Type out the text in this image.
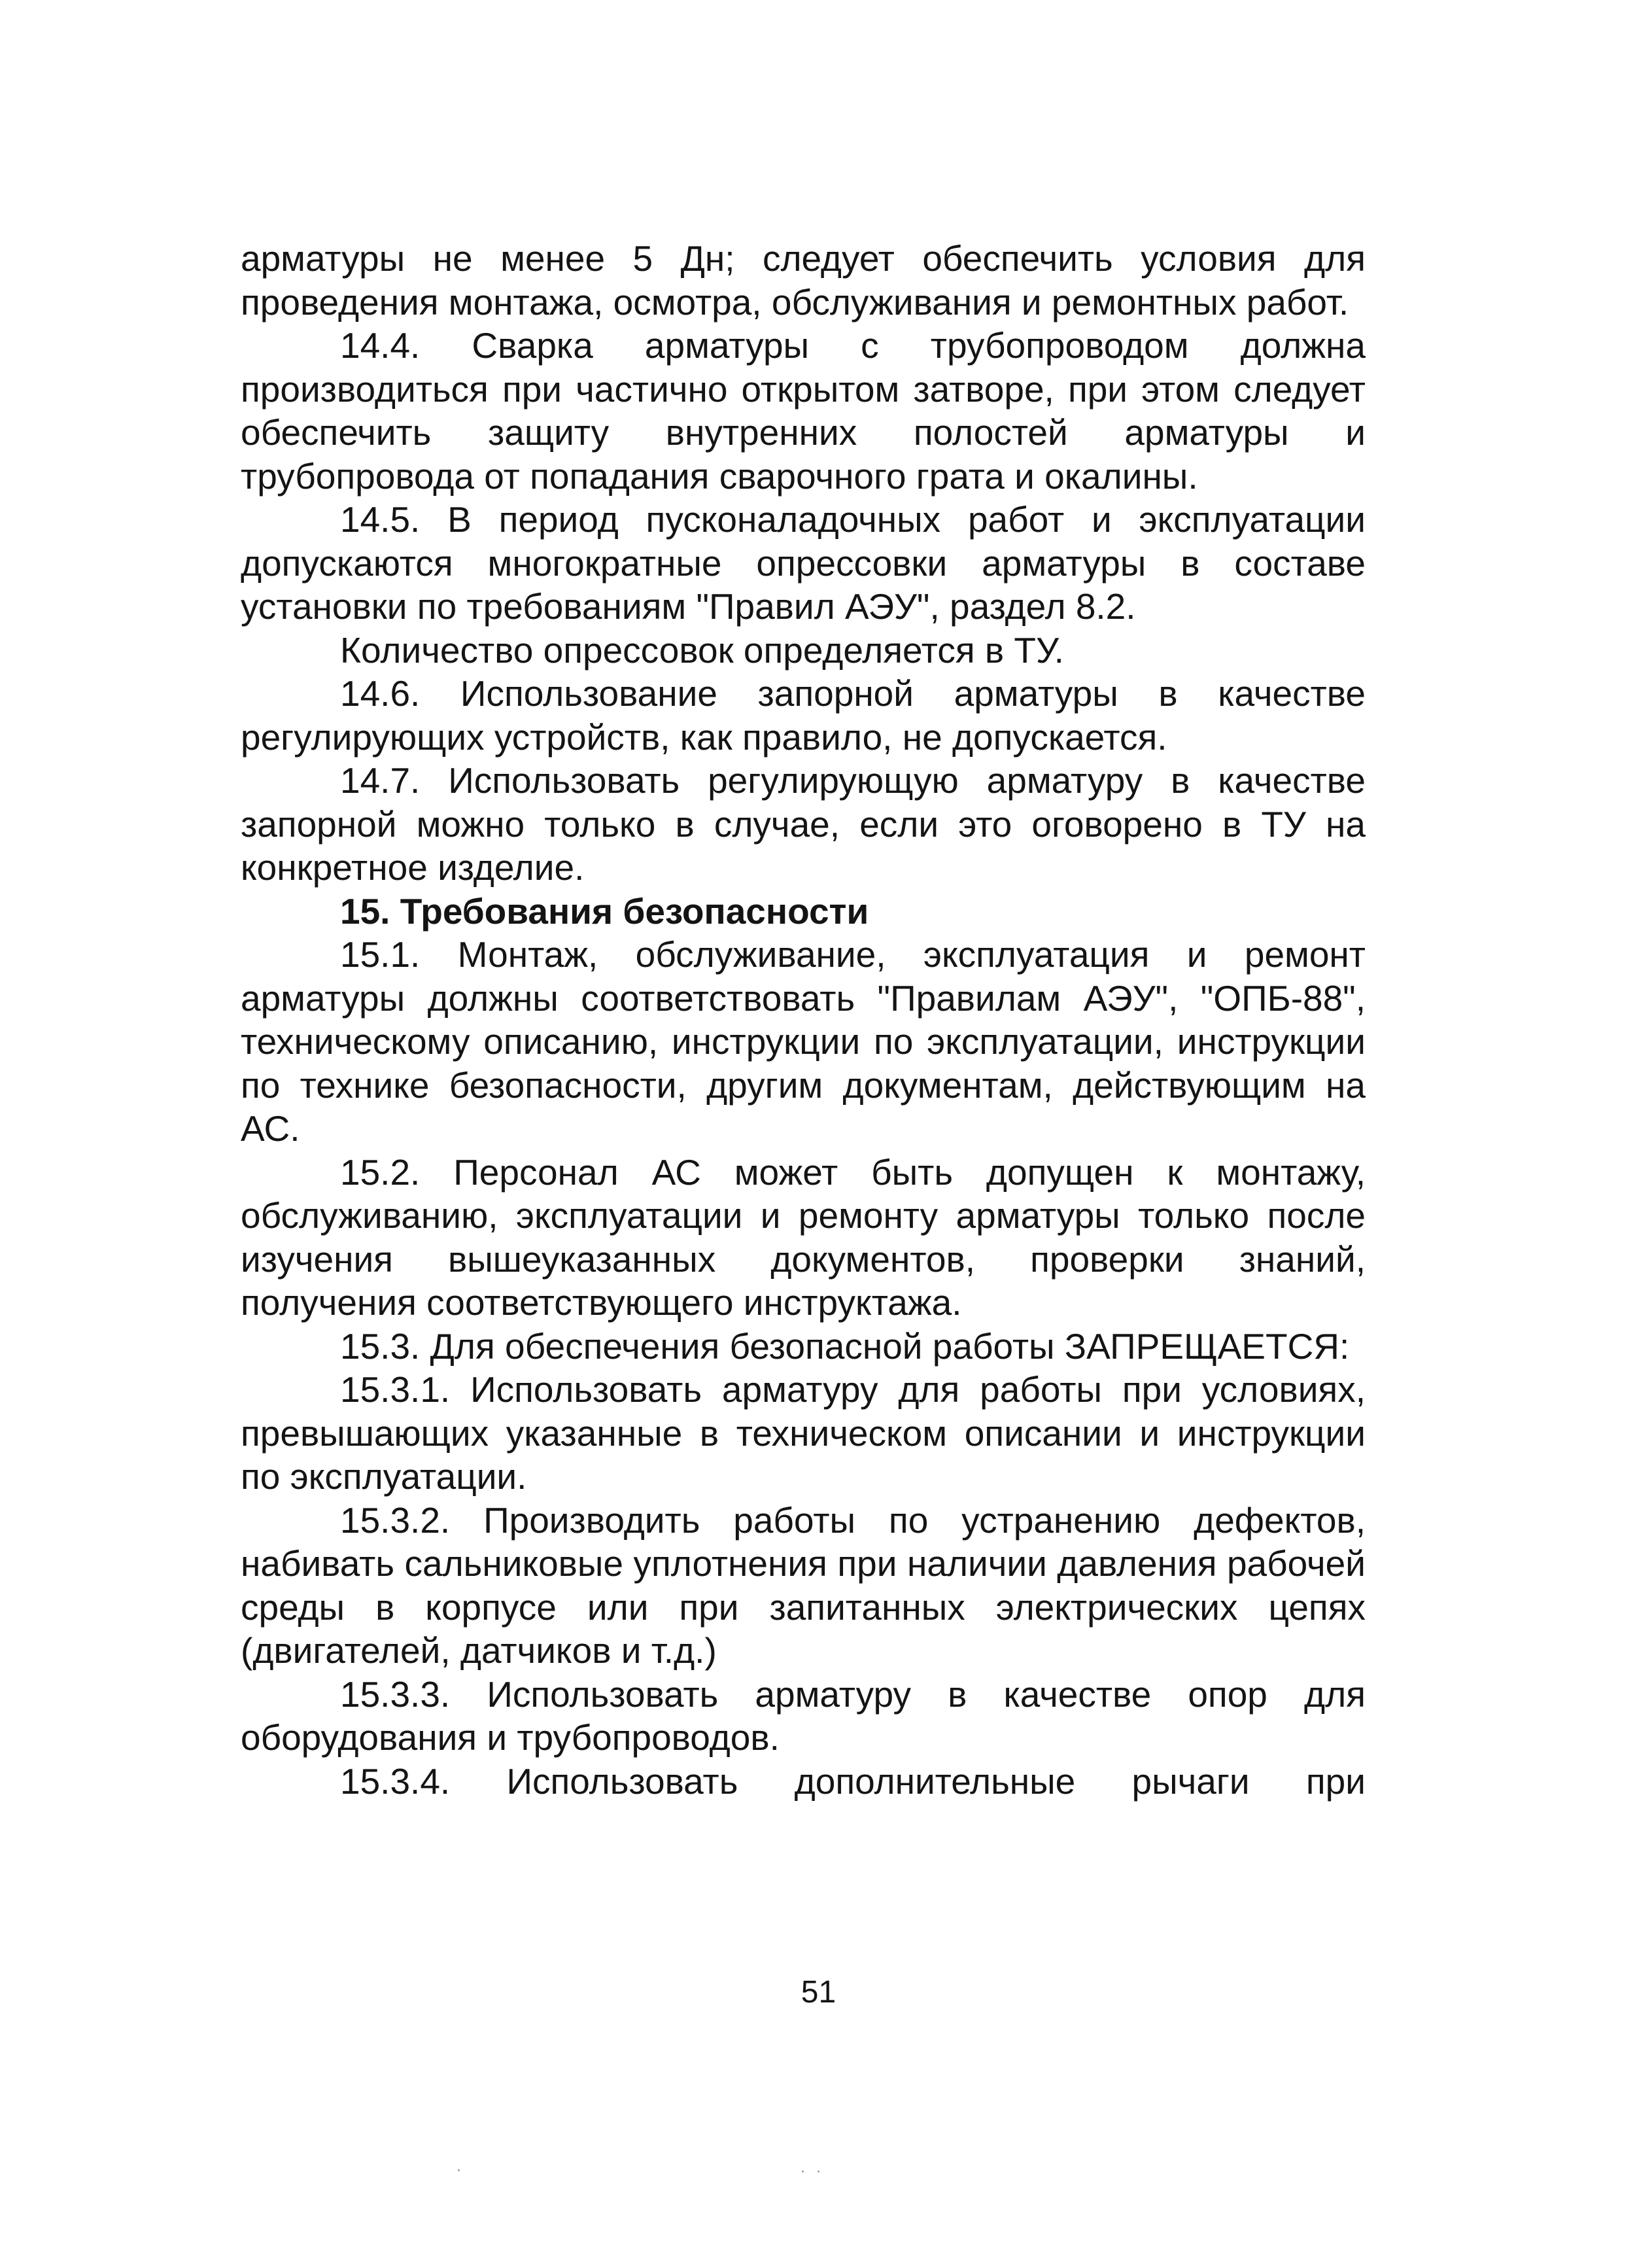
арматуры не менее 5 Дн; следует обеспечить условия для проведения монтажа, осмотра, обслуживания и ремонтных работ.

14.4. Сварка арматуры с трубопроводом должна производиться при частично открытом затворе, при этом следует обеспечить защиту внутренних полостей арматуры и трубопровода от попадания сварочного грата и окалины.

14.5. В период пусконаладочных работ и эксплуатации допускаются многократные опрессовки арматуры в составе установки по требованиям "Правил АЭУ", раздел 8.2.

Количество опрессовок определяется в ТУ.

14.6. Использование запорной арматуры в качестве регулирующих устройств, как правило, не допускается.

14.7. Использовать регулирующую арматуру в качестве запорной можно только в случае, если это оговорено в ТУ на конкретное изделие.

15. Требования безопасности

15.1. Монтаж, обслуживание, эксплуатация и ремонт арматуры должны соответствовать "Правилам АЭУ", "ОПБ-88", техническому описанию, инструкции по эксплуатации, инструкции по технике безопасности, другим документам, действующим на АС.

15.2. Персонал АС может быть допущен к монтажу, обслуживанию, эксплуатации и ремонту арматуры только после изучения вышеуказанных документов, проверки знаний, получения соответствующего инструктажа.

15.3. Для обеспечения безопасной работы ЗАПРЕЩАЕТСЯ:

15.3.1. Использовать арматуру для работы при условиях, превышающих указанные в техническом описании и инструкции по эксплуатации.

15.3.2. Производить работы по устранению дефектов, набивать сальниковые уплотнения при наличии давления рабочей среды в корпусе или при запитанных электрических цепях (двигателей, датчиков и т.д.)

15.3.3. Использовать арматуру в качестве опор для оборудования и трубопроводов.

15.3.4. Использовать дополнительные рычаги при

51
